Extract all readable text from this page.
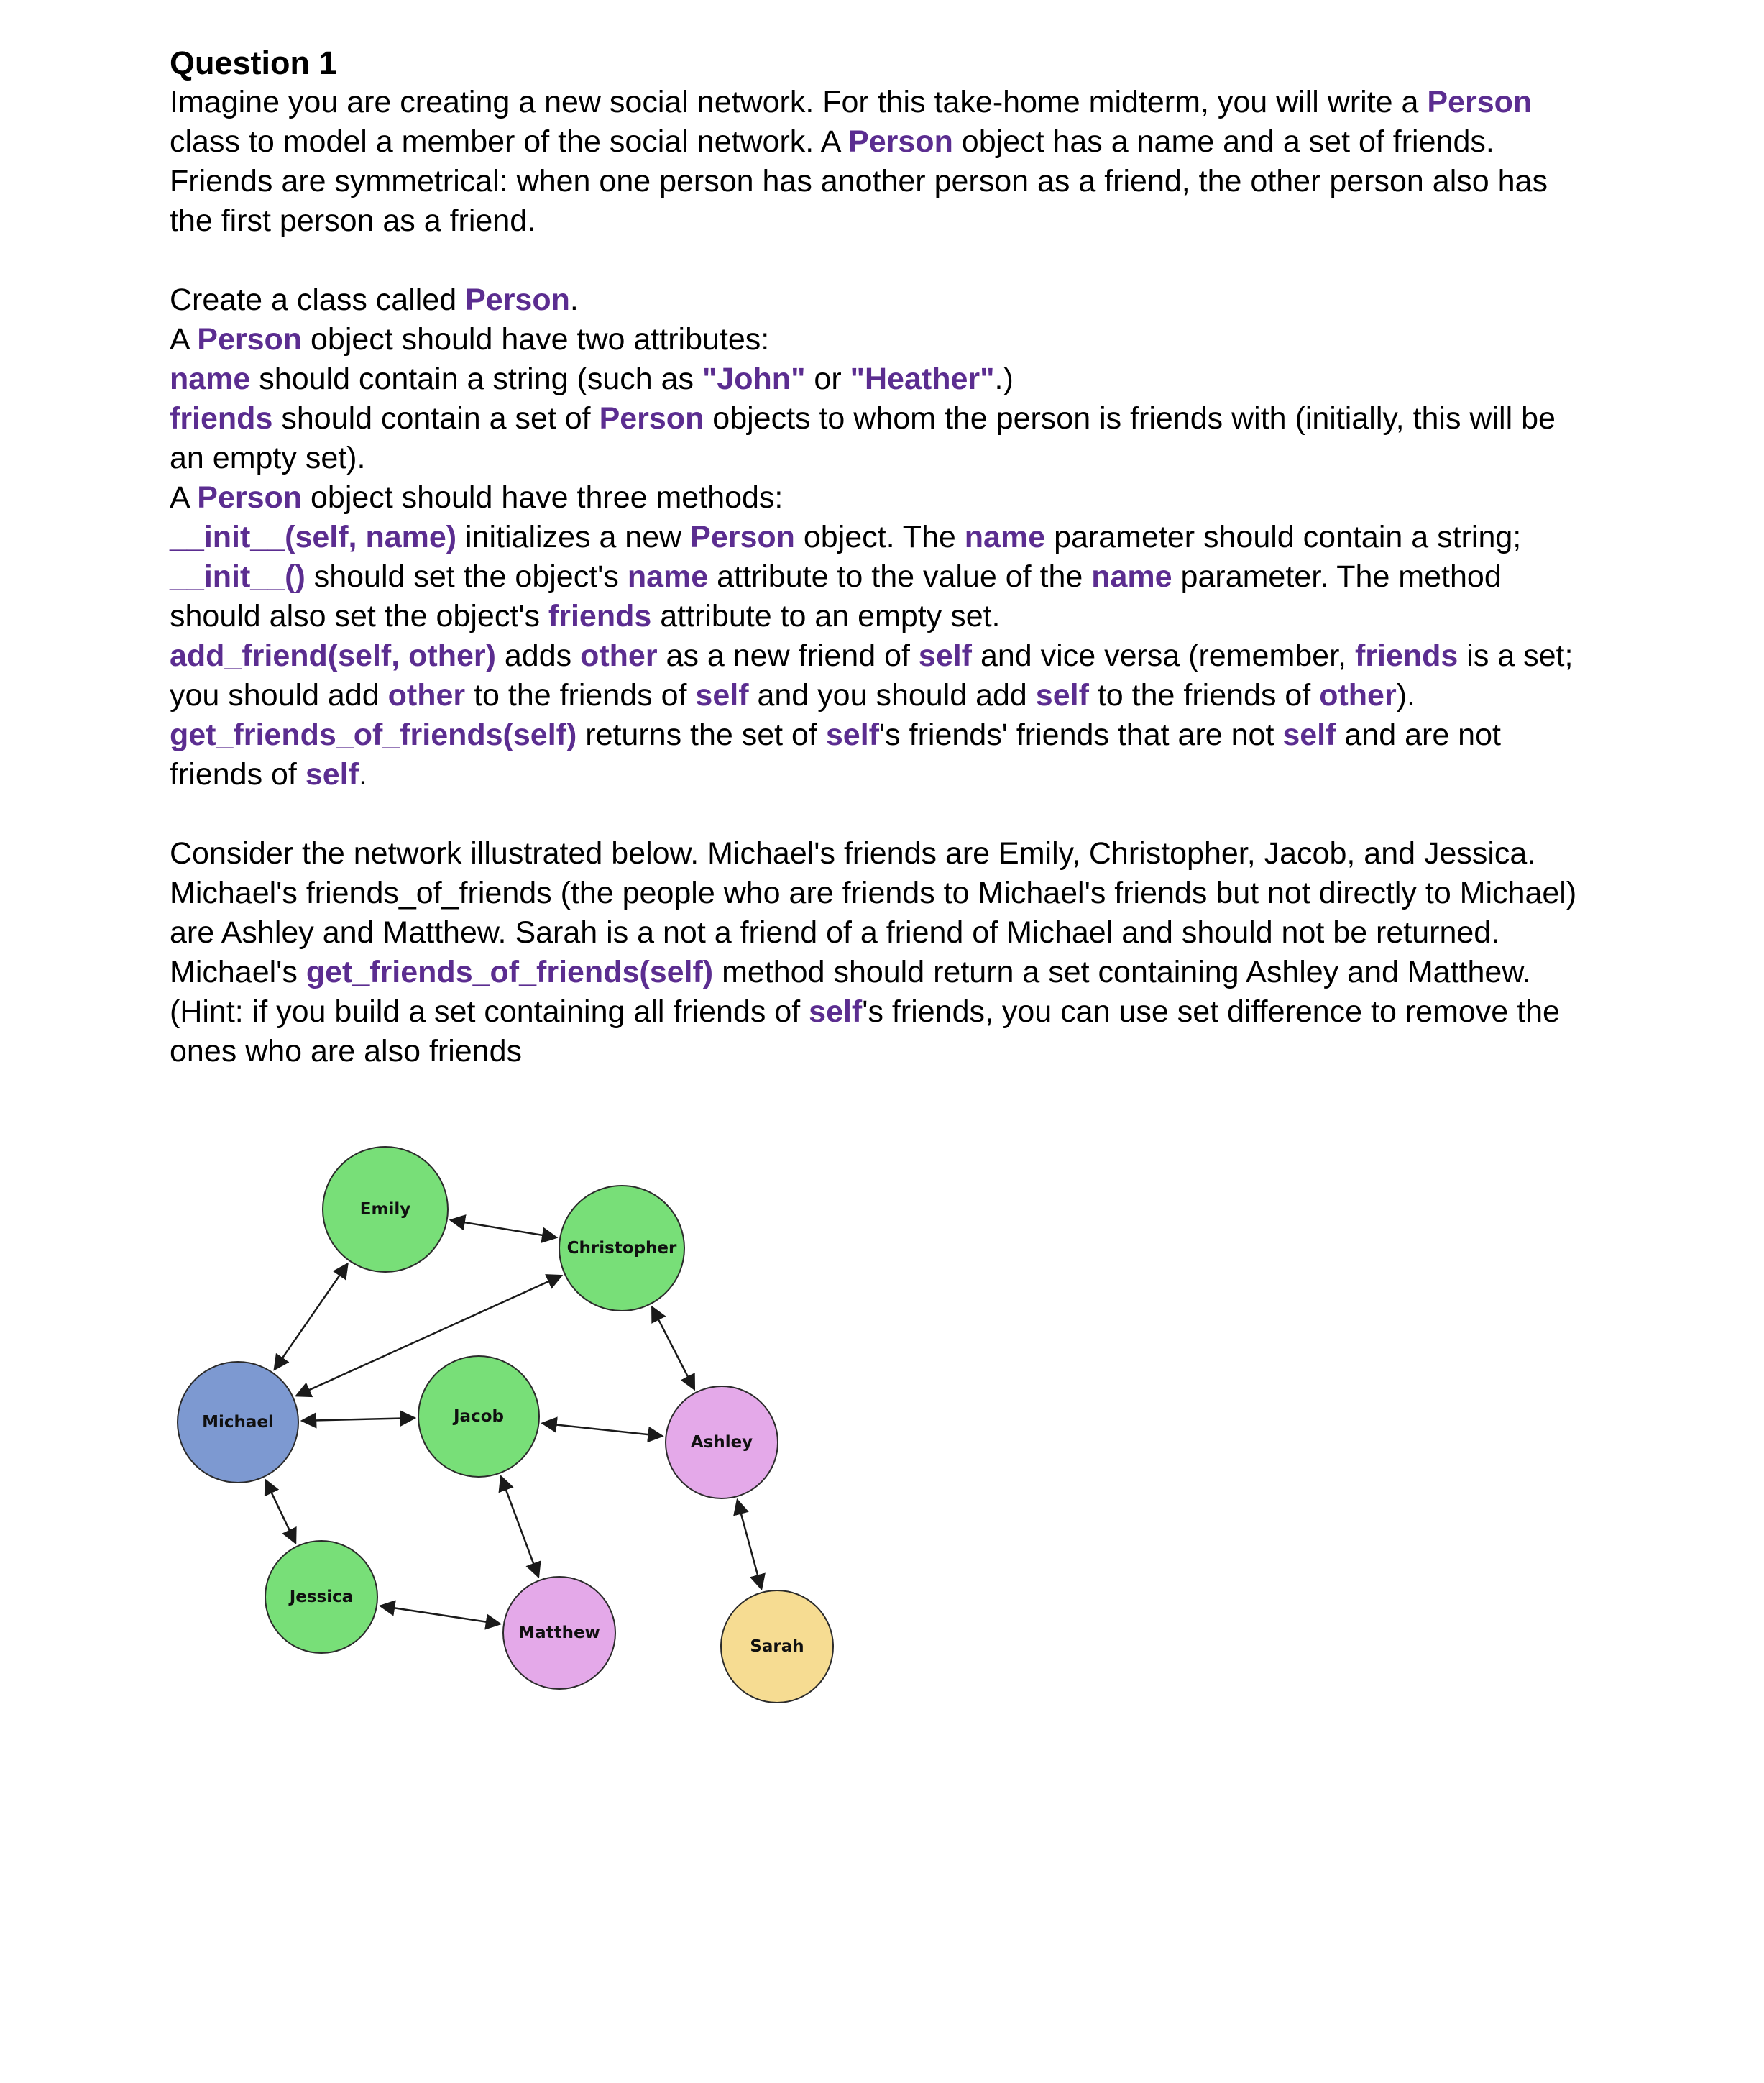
Question 1

Imagine you are creating a new social network. For this take-home midterm, you will write a Person class to model a member of the social network. A Person object has a name and a set of friends. Friends are symmetrical: when one person has another person as a friend, the other person also has the first person as a friend.

Create a class called Person.

A Person object should have two attributes:

name should contain a string (such as "John" or "Heather".)

friends should contain a set of Person objects to whom the person is friends with (initially, this will be an empty set).

A Person object should have three methods:

__init__(self, name) initializes a new Person object. The name parameter should contain a string; __init__() should set the object's name attribute to the value of the name parameter. The method should also set the object's friends attribute to an empty set.

add_friend(self, other) adds other as a new friend of self and vice versa (remember, friends is a set;

you should add other to the friends of self and you should add self to the friends of other).

get_friends_of_friends(self) returns the set of self's friends' friends that are not self and are not

friends of self.

Consider the network illustrated below. Michael's friends are Emily, Christopher, Jacob, and Jessica. Michael's friends_of_friends (the people who are friends to Michael's friends but not directly to Michael) are Ashley and Matthew. Sarah is a not a friend of a friend of Michael and should not be returned.

Michael's get_friends_of_friends(self) method should return a set containing Ashley and Matthew. (Hint: if you build a set containing all friends of self's friends, you can use set difference to remove the ones who are also friends

Emily
Christopher
Michael	Jacob
Ashley
Jessica
Matthew
Sarah
